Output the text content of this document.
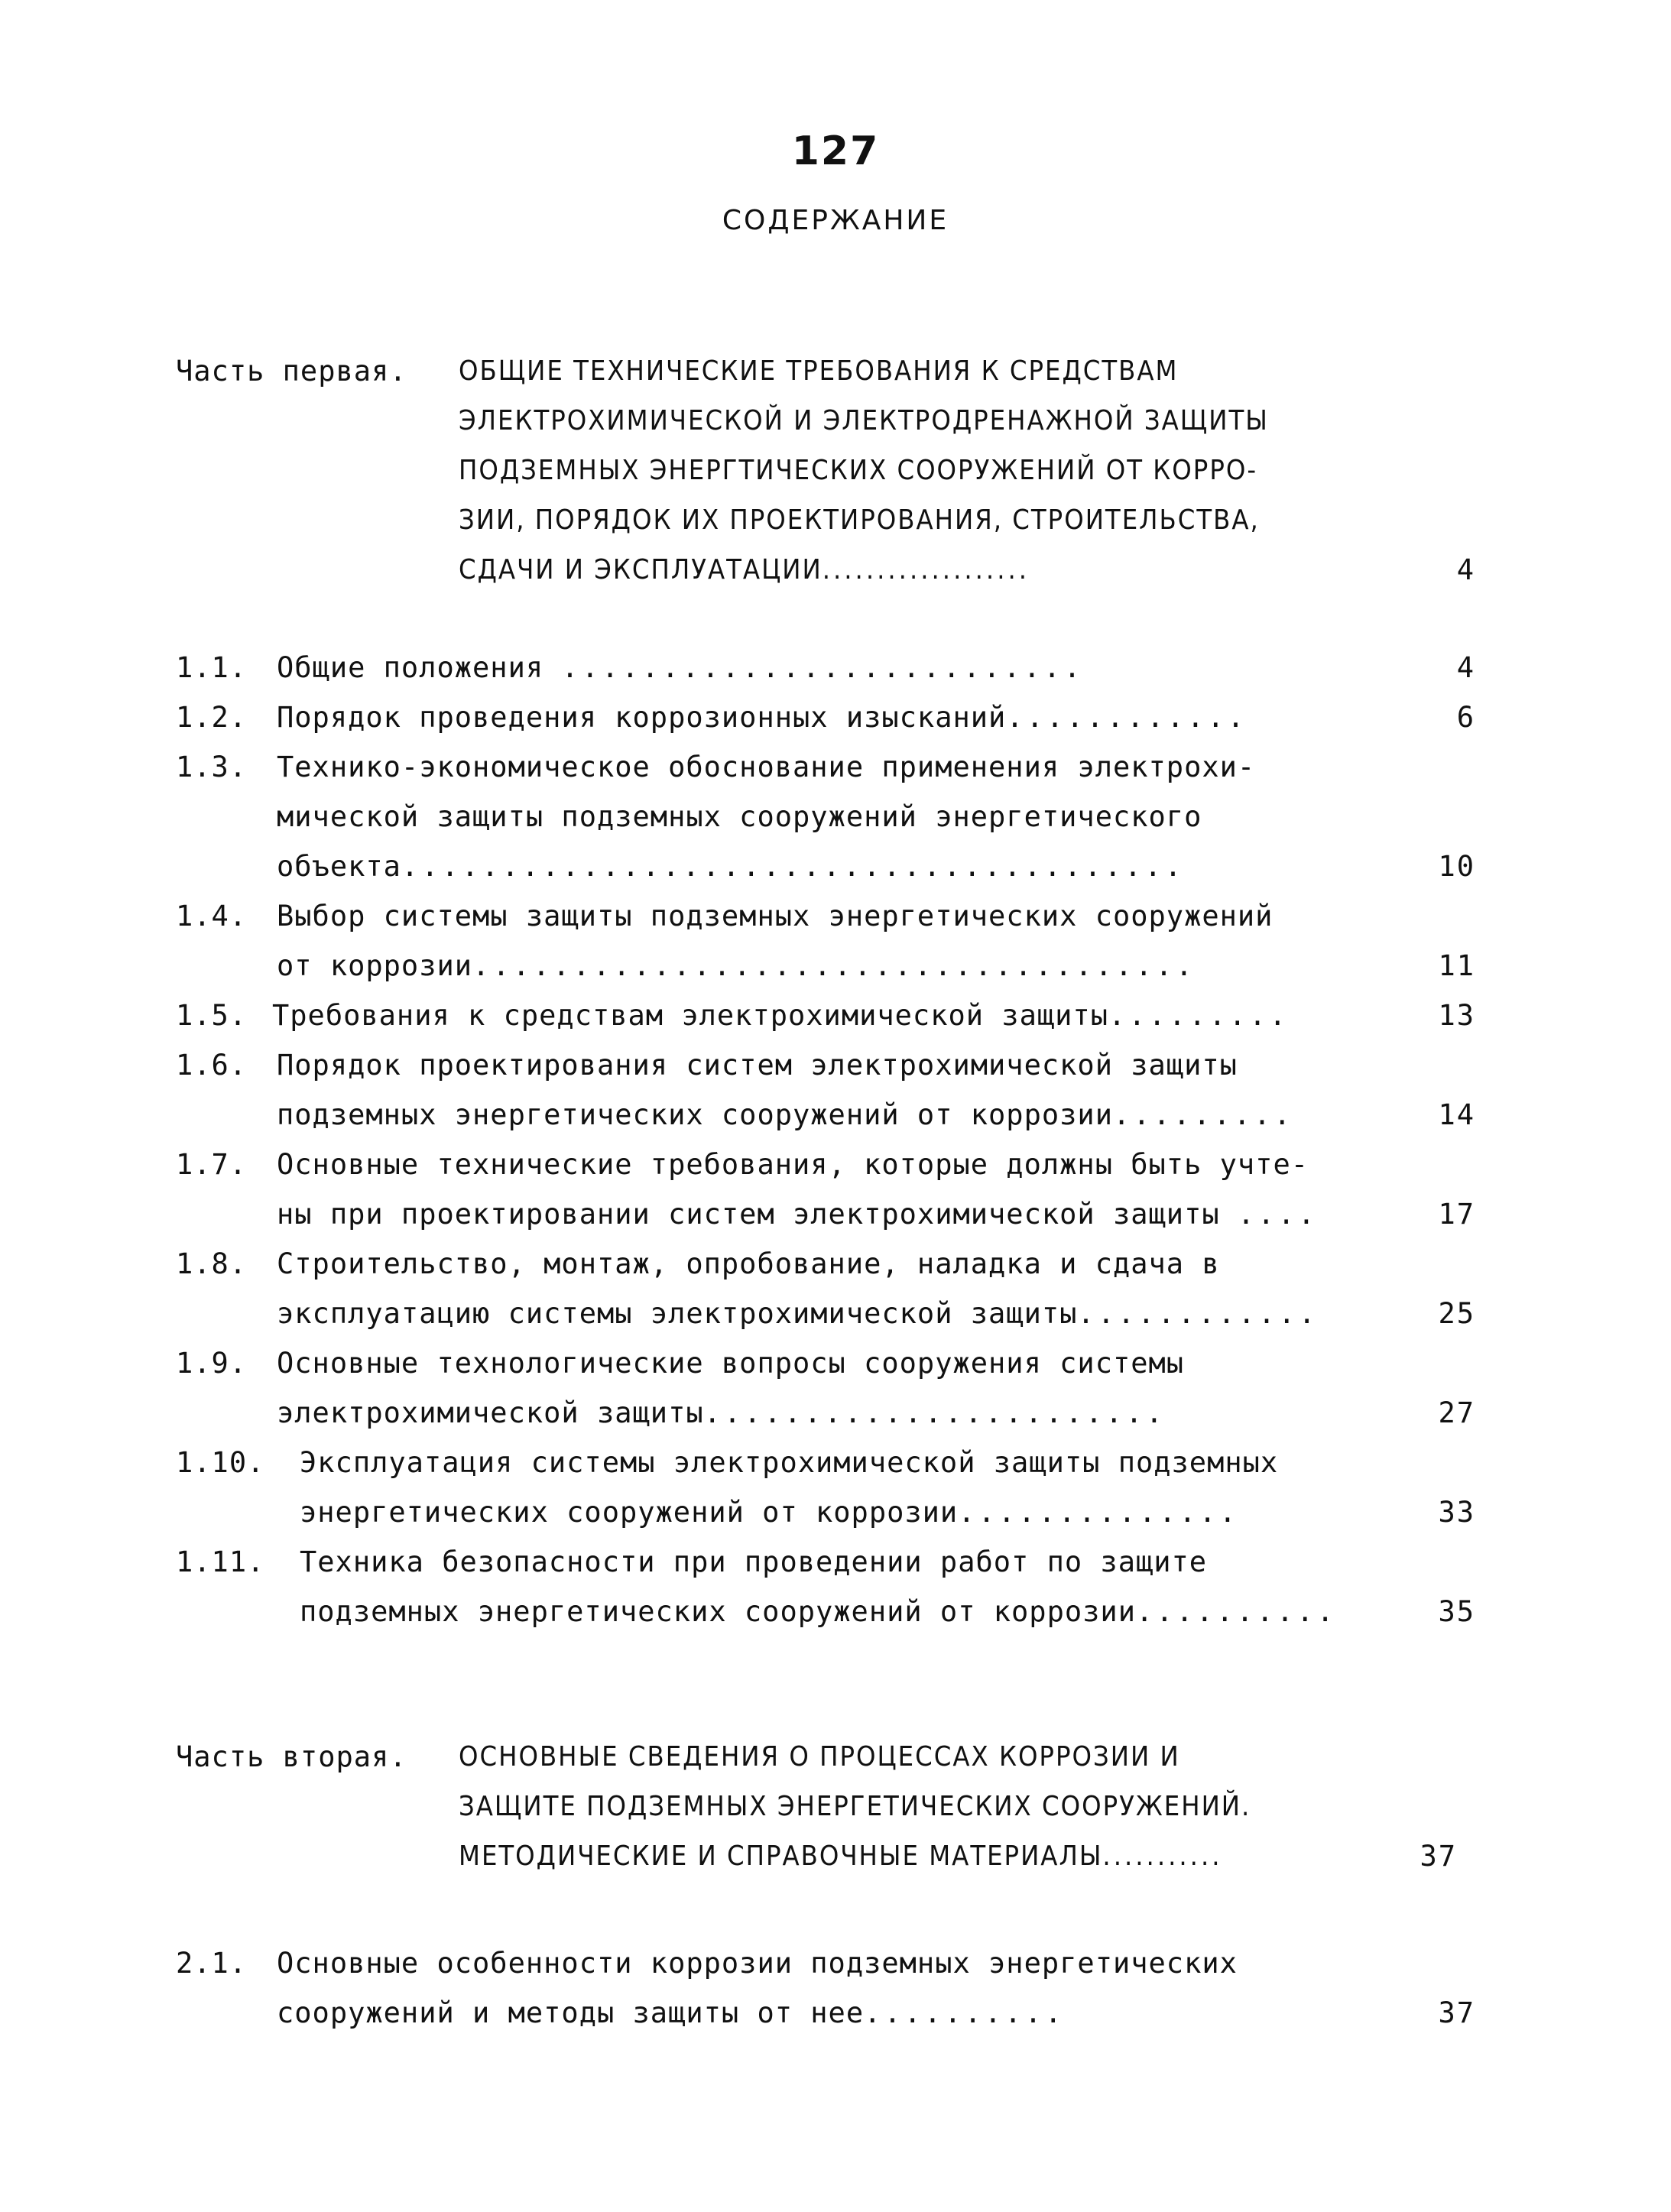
127
СОДЕРЖАНИЕ
Часть первая. ОБЩИЕ ТЕХНИЧЕСКИЕ ТРЕБОВАНИЯ К СРЕДСТВАМ
ЭЛЕКТРОХИМИЧЕСКОЙ И ЭЛЕКТРОДРЕНАЖНОЙ ЗАЩИТЫ
ПОДЗЕМНЫХ ЭНЕРГТИЧЕСКИХ СООРУЖЕНИЙ ОТ КОРРО-
ЗИИ, ПОРЯДОК ИХ ПРОЕКТИРОВАНИЯ, СТРОИТЕЛЬСТВА,
СДАЧИ И ЭКСПЛУАТАЦИИ...................	4
1.1. Общие положения ..........................	4
1.2. Порядок проведения коррозионных изысканий............	6
1.3. Технико-экономическое обоснование применения электрохи-
мической защиты подземных сооружений энергетического
объекта.......................................	10
1.4. Выбор системы защиты подземных энергетических сооружений
от коррозии....................................	11
1.5. Требования к средствам электрохимической защиты.........	13
1.6. Порядок проектирования систем электрохимической защиты
подземных энергетических сооружений от коррозии.........	14
1.7. Основные технические требования, которые должны быть учте-
ны при проектировании систем электрохимической защиты ....	17
1.8. Строительство, монтаж, опробование, наладка и сдача в
эксплуатацию системы электрохимической защиты............	25
1.9. Основные технологические вопросы сооружения системы
электрохимической защиты.......................	27
1.10. Эксплуатация системы электрохимической защиты подземных
энергетических сооружений от коррозии..............	33
1.11. Техника безопасности при проведении работ по защите
подземных энергетических сооружений от коррозии..........	35
Часть вторая. ОСНОВНЫЕ СВЕДЕНИЯ О ПРОЦЕССАХ КОРРОЗИИ И
ЗАЩИТЕ ПОДЗЕМНЫХ ЭНЕРГЕТИЧЕСКИХ СООРУЖЕНИЙ.
МЕТОДИЧЕСКИЕ И СПРАВОЧНЫЕ МАТЕРИАЛЫ...........	37
2.1. Основные особенности коррозии подземных энергетических
сооружений и методы защиты от нее..........	37
